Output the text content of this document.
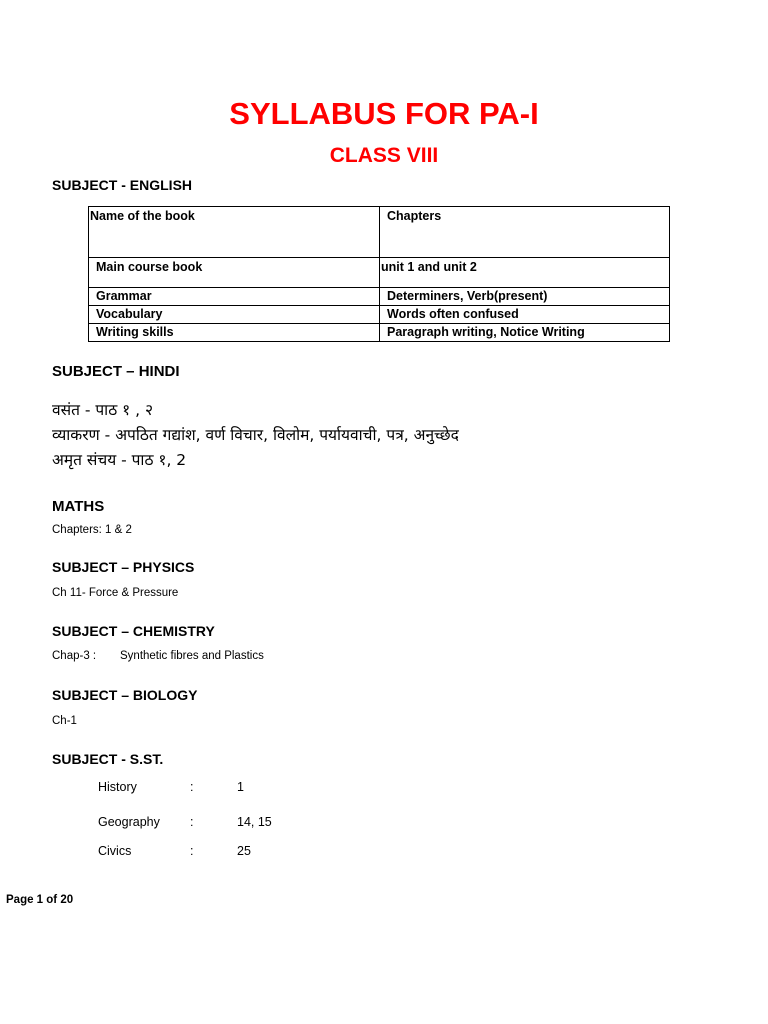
SYLLABUS FOR PA-I
CLASS VIII
SUBJECT - ENGLISH
Name of the book	Chapters
Main course book	unit 1 and unit 2
Grammar	Determiners, Verb(present)
Vocabulary	Words often confused
Writing skills	Paragraph writing, Notice Writing
SUBJECT – HINDI
वसंत - पाठ १ , २
व्याकरण - अपठित गद्यांश, वर्ण विचार, विलोम, पर्यायवाची, पत्र, अनुच्छेद
अमृत संचय - पाठ १, 2
MATHS
Chapters: 1 & 2
SUBJECT – PHYSICS
Ch 11- Force & Pressure
SUBJECT – CHEMISTRY
Chap-3 : Synthetic fibres and Plastics
SUBJECT – BIOLOGY
Ch-1
SUBJECT - S.ST.
History	:	1
Geography :	14, 15
Civics	:	25
Page 1 of 20
